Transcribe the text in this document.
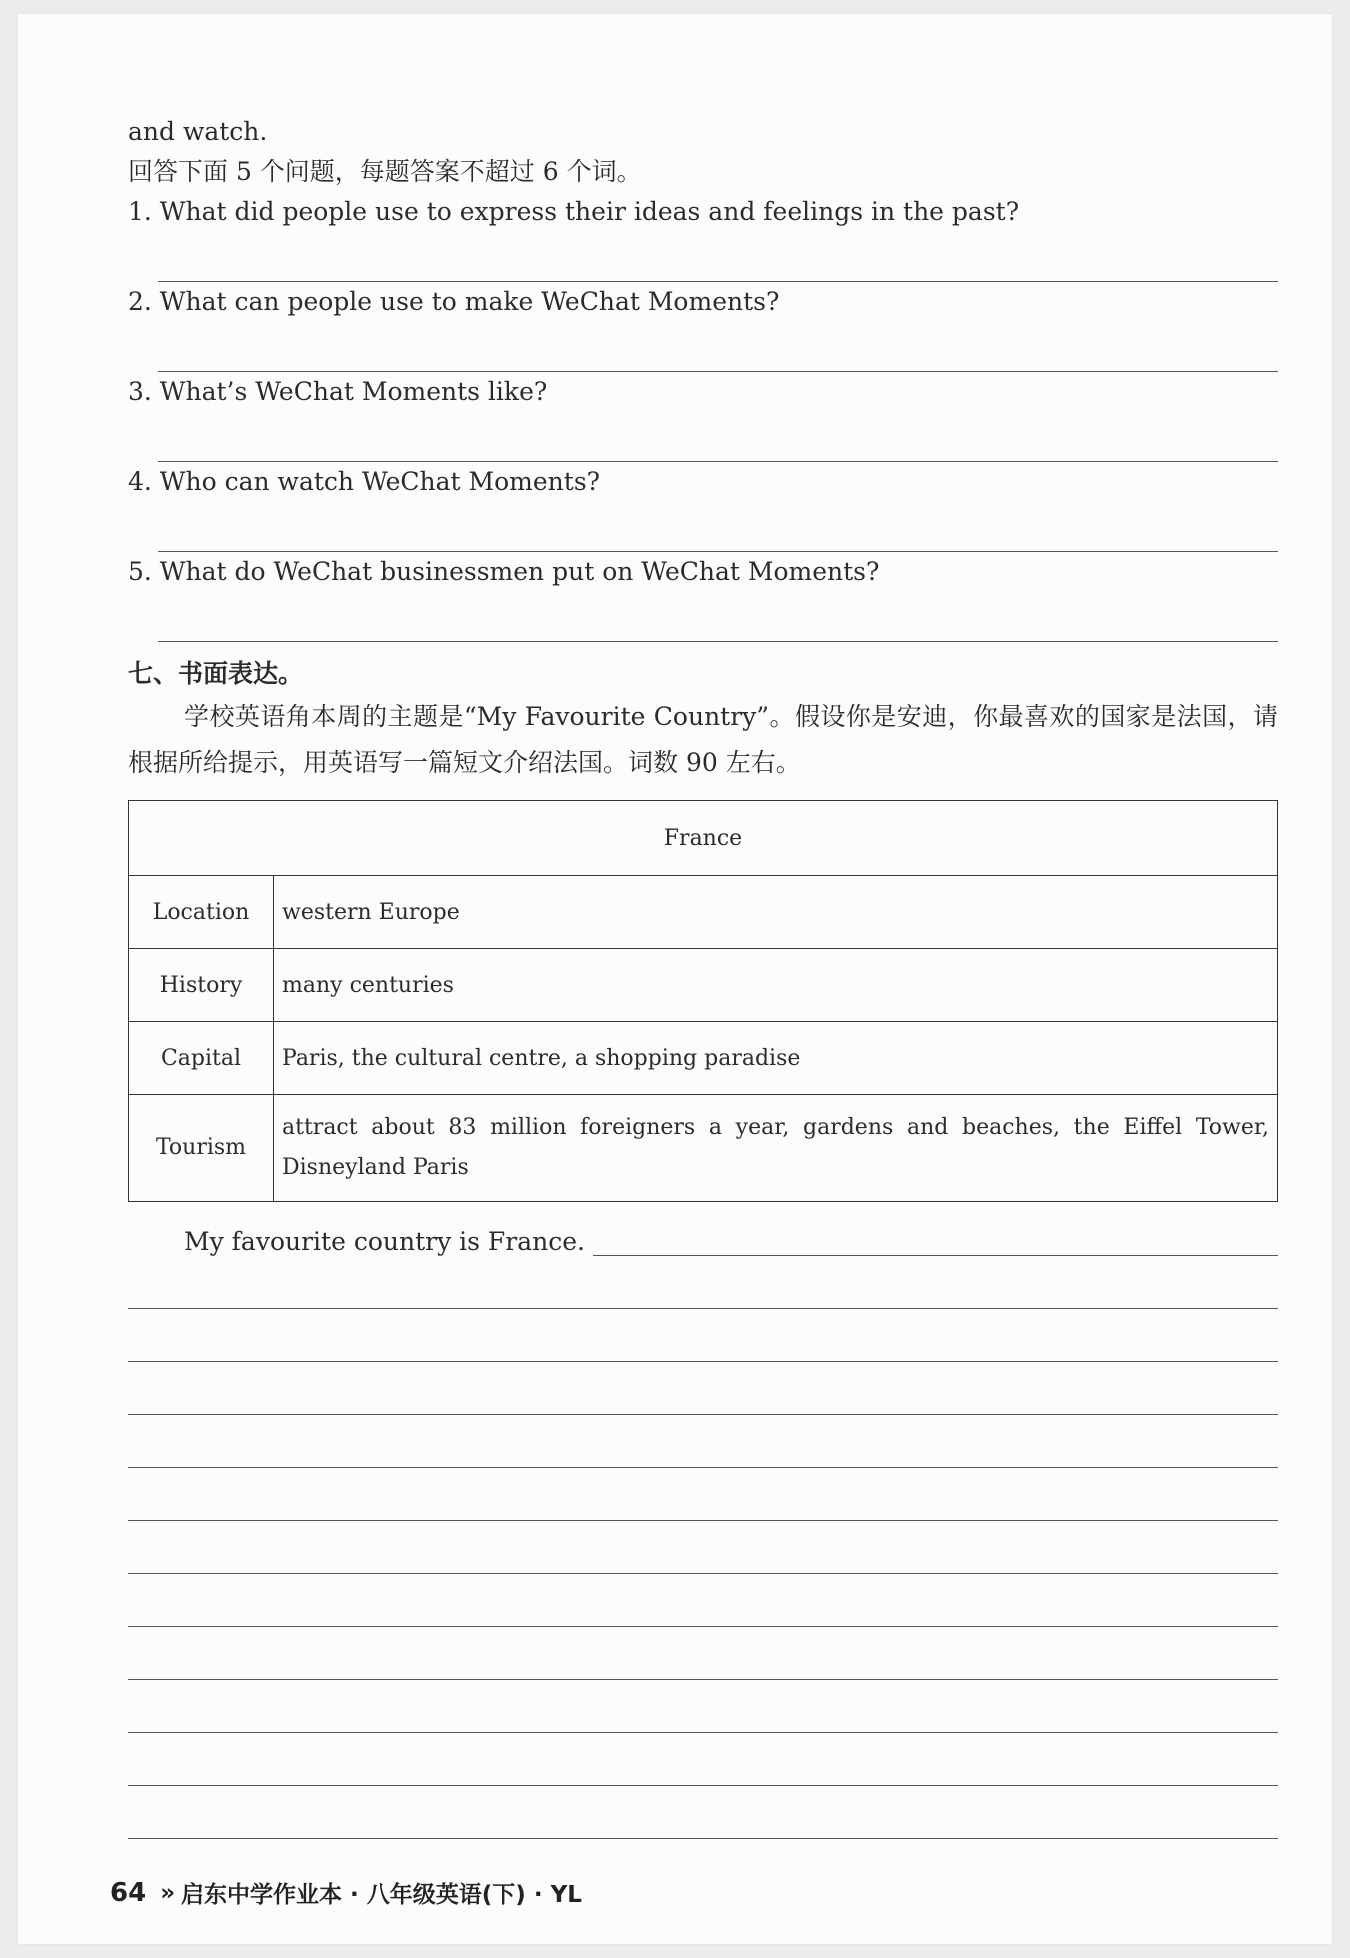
and watch.
回答下面 5 个问题，每题答案不超过 6 个词。
1. What did people use to express their ideas and feelings in the past?
2. What can people use to make WeChat Moments?
3. What’s WeChat Moments like?
4. Who can watch WeChat Moments?
5. What do WeChat businessmen put on WeChat Moments?
七、书面表达。
学校英语角本周的主题是“My Favourite Country”。假设你是安迪，你最喜欢的国家是法国，请根据所给提示，用英语写一篇短文介绍法国。词数 90 左右。
France	
Location	western Europe
History	many centuries
Capital	Paris, the cultural centre, a shopping paradise
Tourism	attract about 83 million foreigners a year, gardens and beaches, the Eiffel Tower, Disneyland Paris
My favourite country is France.
64 » 启东中学作业本 · 八年级英语(下) · YL
